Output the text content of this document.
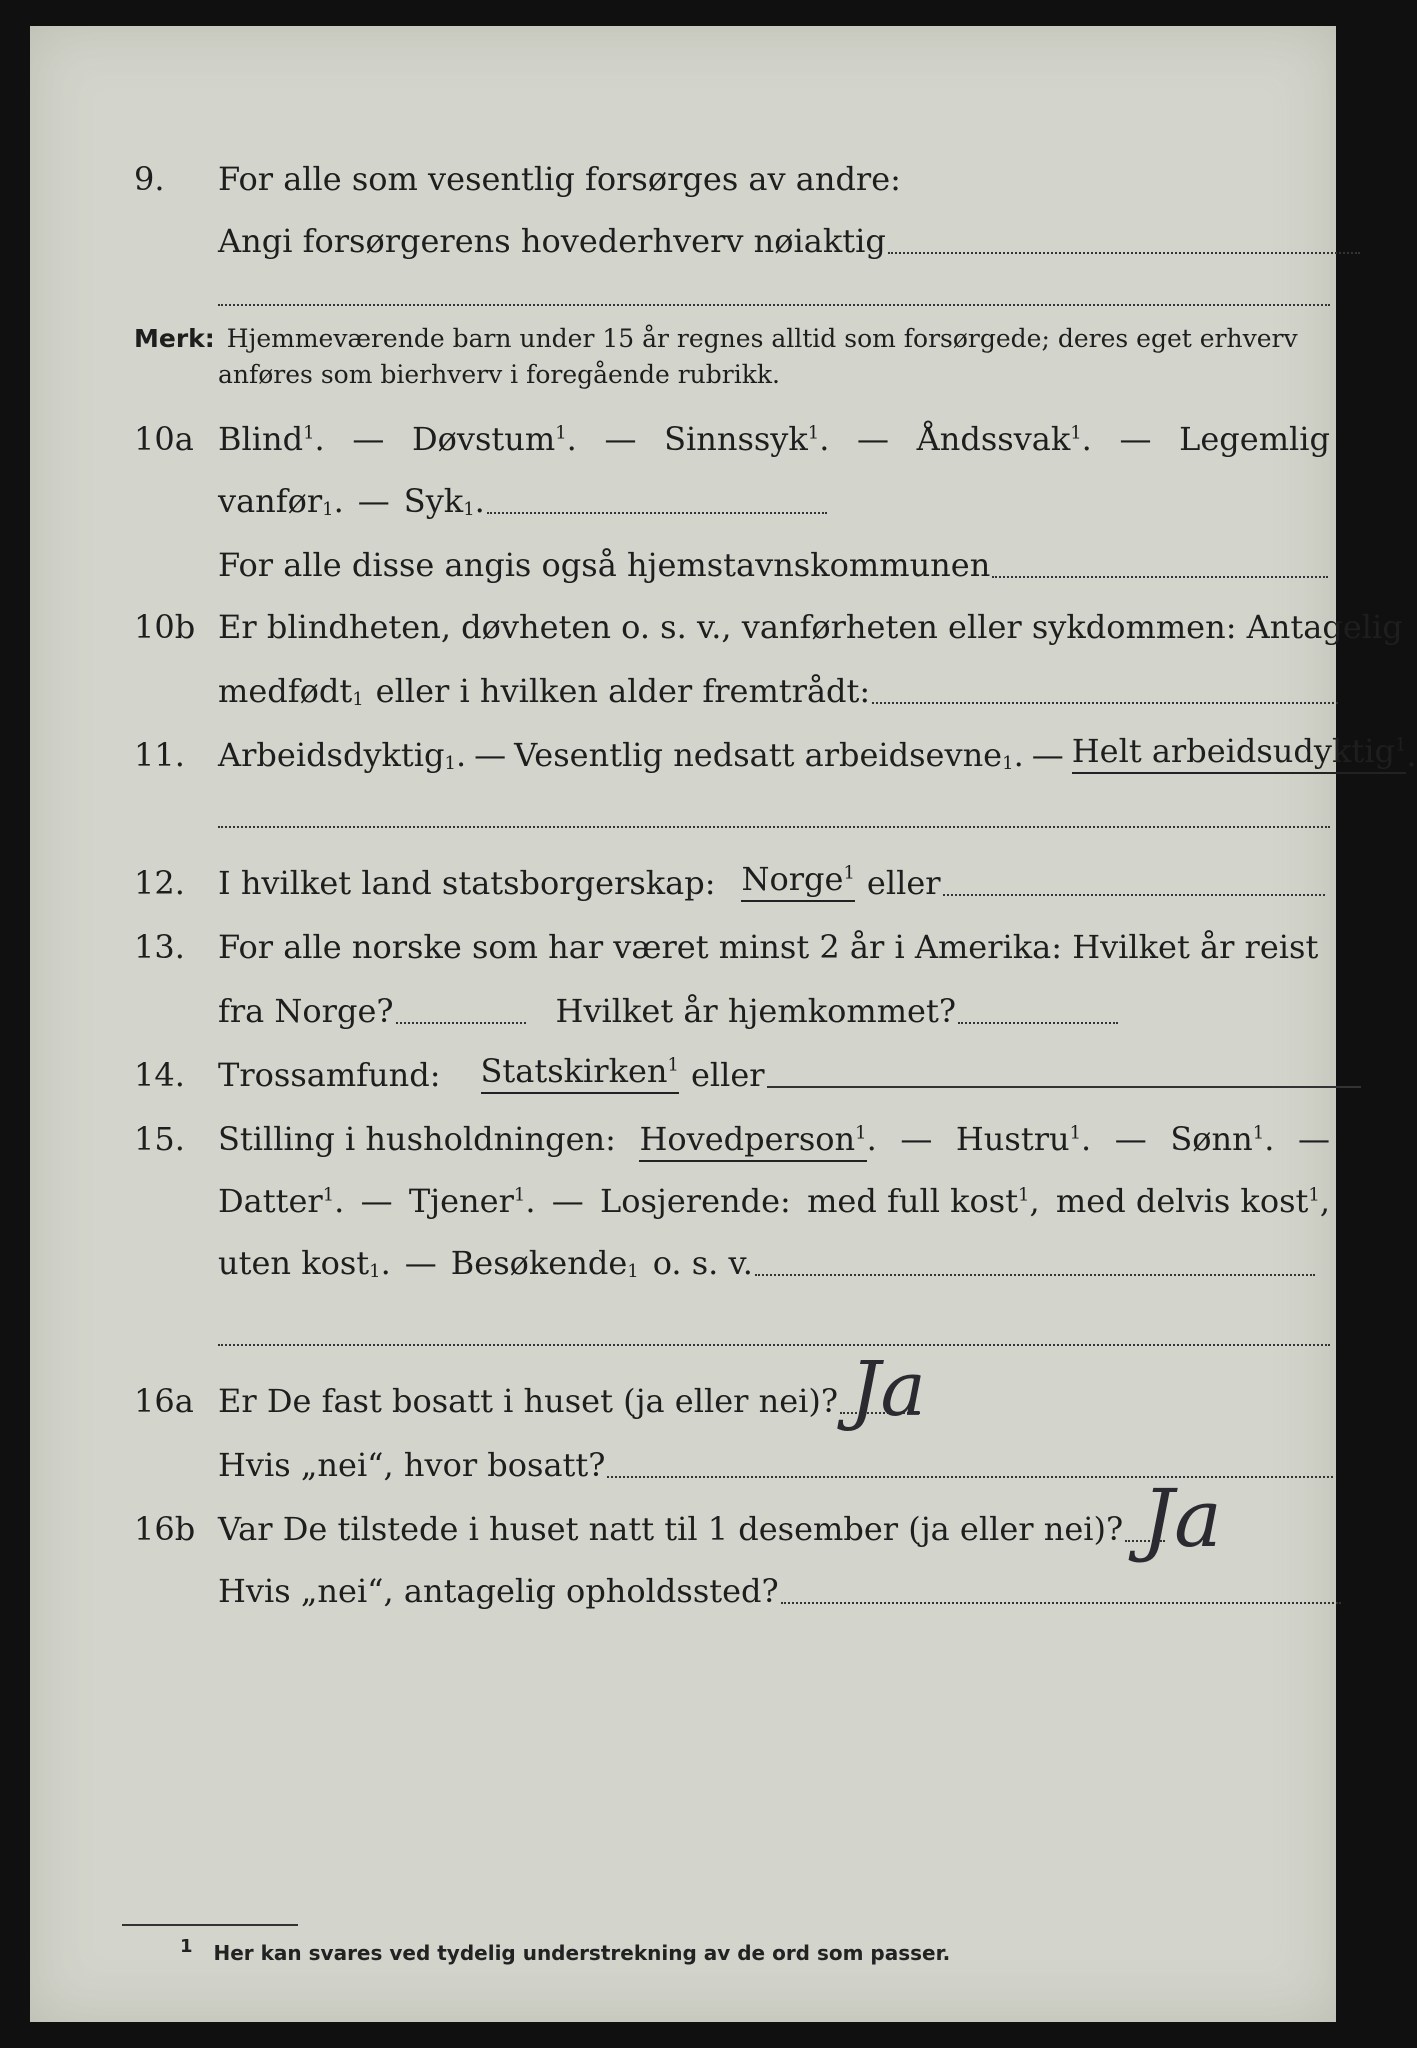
9. For alle som vesentlig forsørges av andre:
Angi forsørgerens hovederhverv nøiaktig
Merk: Hjemmeværende barn under 15 år regnes alltid som forsørgede; deres eget erhverv
anføres som bierhverv i foregående rubrikk.
10a Blind$^1$. — Døvstum$^1$. — Sinnssyk$^1$. — Åndssvak$^1$. — Legemlig
vanfør$_1$ . — Syk$_1$ .
For alle disse angis også hjemstavnskommunen
10b Er blindheten, døvheten o. s. v., vanførheten eller sykdommen: Antagelig
medfødt$_1$ eller i hvilken alder fremtrådt:
11. Arbeidsdyktig$_1$ . — Vesentlig nedsatt arbeidsevne$_1$ . — Helt arbeidsudyktig$^1$ .
12. I hvilket land statsborgerskap: Norge$^1$ eller
13. For alle norske som har været minst 2 år i Amerika: Hvilket år reist
fra Norge?	Hvilket år hjemkommet?
14. Trossamfund: Statskirken$^1$ eller
15. Stilling i husholdningen: Hovedperson$^1$. — Hustru$^1$. — Sønn$^1$. —
Datter$^1$. — Tjener$^1$. — Losjerende: med full kost$^1$, med delvis kost$^1$,
uten kost$_1$ . — Besøkende$_1$ o. s. v.
16a Er De fast bosatt i huset (ja eller nei)? Ja
Hvis „nei“, hvor bosatt?
16b Var De tilstede i huset natt til 1 desember (ja eller nei)? Ja
Hvis „nei“, antagelig opholdssted?
$^1$ Her kan svares ved tydelig understrekning av de ord som passer.
